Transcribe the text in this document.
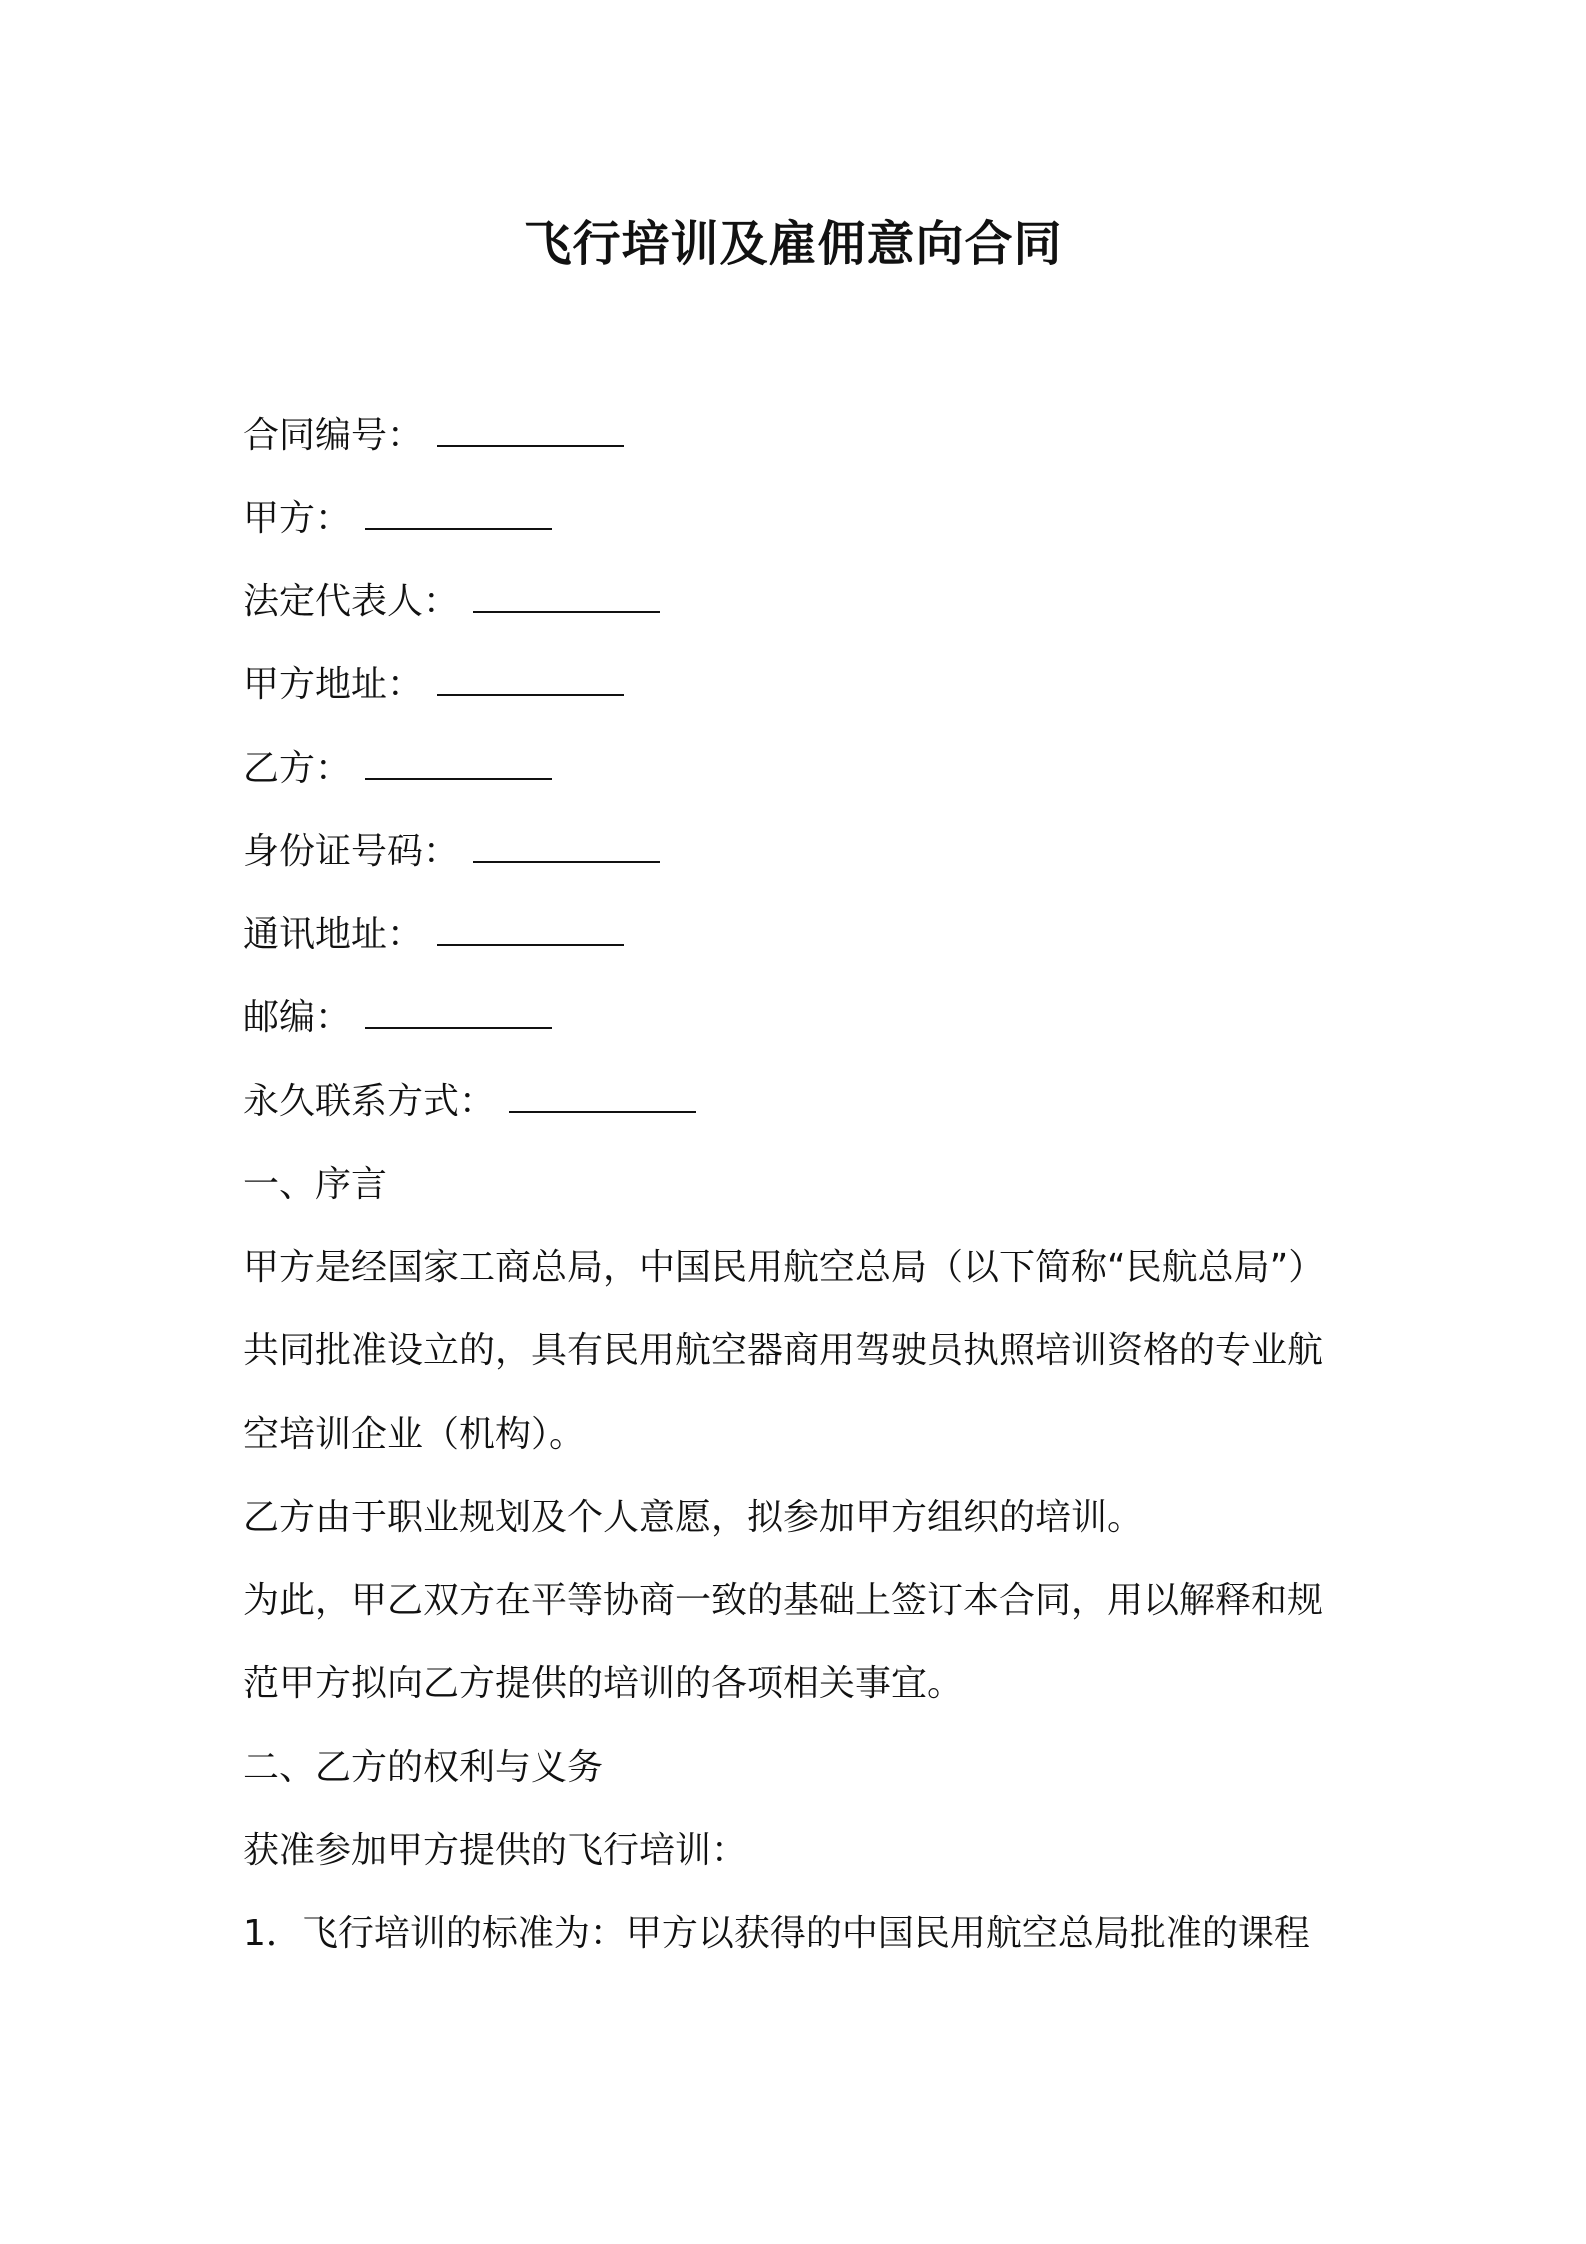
飞行培训及雇佣意向合同
合同编号：
甲方：
法定代表人：
甲方地址：
乙方：
身份证号码：
通讯地址：
邮编：
永久联系方式：
一、序言
甲方是经国家工商总局，中国民用航空总局（以下简称“民航总局”）
共同批准设立的，具有民用航空器商用驾驶员执照培训资格的专业航
空培训企业（机构）。
乙方由于职业规划及个人意愿，拟参加甲方组织的培训。
为此，甲乙双方在平等协商一致的基础上签订本合同，用以解释和规
范甲方拟向乙方提供的培训的各项相关事宜。
二、乙方的权利与义务
获准参加甲方提供的飞行培训：
1．飞行培训的标准为：甲方以获得的中国民用航空总局批准的课程
